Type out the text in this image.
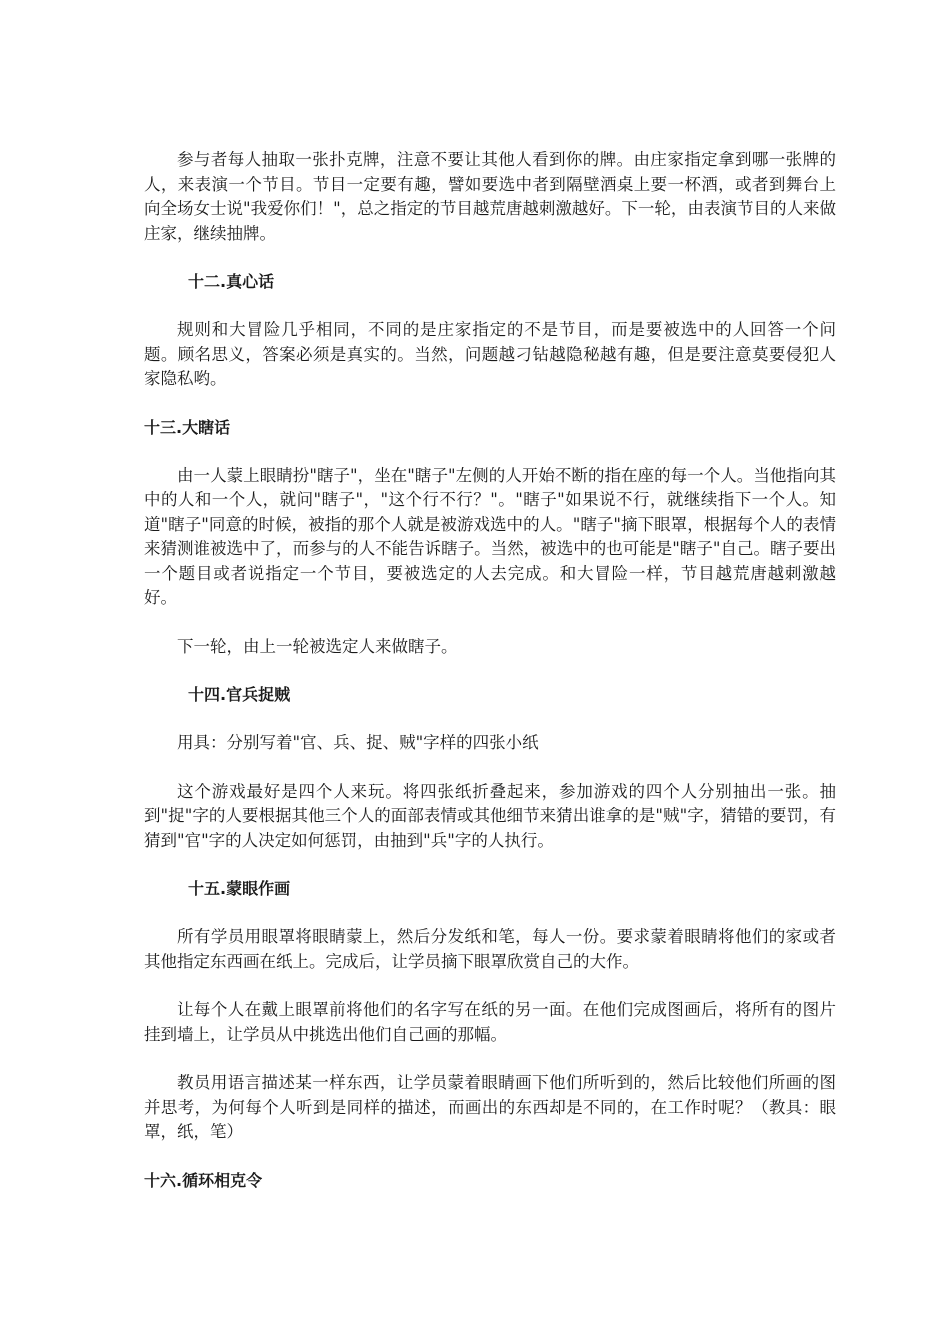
参与者每人抽取一张扑克牌，注意不要让其他人看到你的牌。由庄家指定拿到哪一张牌的人，来表演一个节目。节目一定要有趣，譬如要选中者到隔壁酒桌上要一杯酒，或者到舞台上向全场女士说"我爱你们！"，总之指定的节目越荒唐越刺激越好。下一轮，由表演节目的人来做庄家，继续抽牌。

十二.真心话

规则和大冒险几乎相同，不同的是庄家指定的不是节目，而是要被选中的人回答一个问题。顾名思义，答案必须是真实的。当然，问题越刁钻越隐秘越有趣，但是要注意莫要侵犯人家隐私哟。

十三.大瞎话

由一人蒙上眼睛扮"瞎子"，坐在"瞎子"左侧的人开始不断的指在座的每一个人。当他指向其中的人和一个人，就问"瞎子"，"这个行不行？"。"瞎子"如果说不行，就继续指下一个人。知道"瞎子"同意的时候，被指的那个人就是被游戏选中的人。"瞎子"摘下眼罩，根据每个人的表情来猜测谁被选中了，而参与的人不能告诉瞎子。当然，被选中的也可能是"瞎子"自己。瞎子要出一个题目或者说指定一个节目，要被选定的人去完成。和大冒险一样，节目越荒唐越刺激越好。

下一轮，由上一轮被选定人来做瞎子。

十四.官兵捉贼

用具：分别写着"官、兵、捉、贼"字样的四张小纸

这个游戏最好是四个人来玩。将四张纸折叠起来，参加游戏的四个人分别抽出一张。抽到"捉"字的人要根据其他三个人的面部表情或其他细节来猜出谁拿的是"贼"字，猜错的要罚，有猜到"官"字的人决定如何惩罚，由抽到"兵"字的人执行。

十五.蒙眼作画

所有学员用眼罩将眼睛蒙上，然后分发纸和笔，每人一份。要求蒙着眼睛将他们的家或者其他指定东西画在纸上。完成后，让学员摘下眼罩欣赏自己的大作。

让每个人在戴上眼罩前将他们的名字写在纸的另一面。在他们完成图画后，将所有的图片挂到墙上，让学员从中挑选出他们自己画的那幅。

教员用语言描述某一样东西，让学员蒙着眼睛画下他们所听到的，然后比较他们所画的图并思考，为何每个人听到是同样的描述，而画出的东西却是不同的，在工作时呢？（教具：眼罩，纸，笔）

十六.循环相克令
